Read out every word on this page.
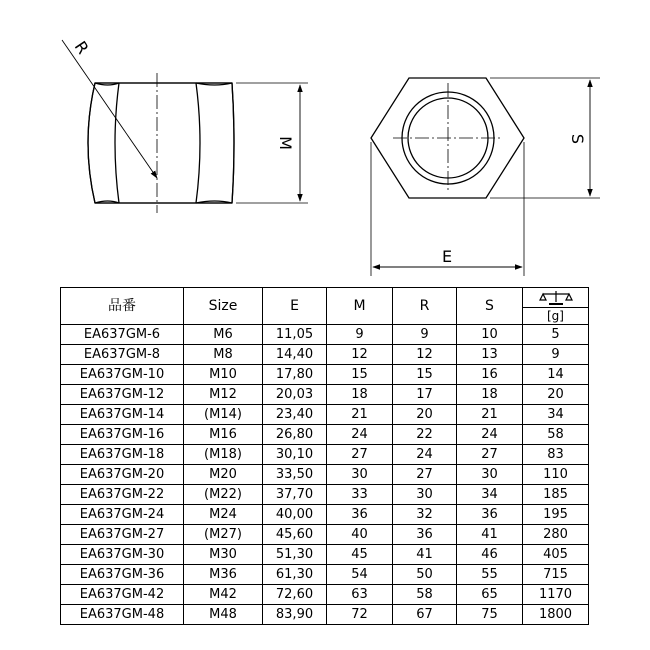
R
M	S
E
品番	Size	E	M	R	S	[g]

EA637GM-6	M6	11,05	9	9	10	5
EA637GM-8	M8	14,40	12	12	13	9
EA637GM-10	M10	17,80	15	15	16	14
EA637GM-12	M12	20,03	18	17	18	20
EA637GM-14	(M14)	23,40	21	20	21	34
EA637GM-16	M16	26,80	24	22	24	58
EA637GM-18	(M18)	30,10	27	24	27	83
EA637GM-20	M20	33,50	30	27	30	110
EA637GM-22	(M22)	37,70	33	30	34	185
EA637GM-24	M24	40,00	36	32	36	195
EA637GM-27	(M27)	45,60	40	36	41	280
EA637GM-30	M30	51,30	45	41	46	405
EA637GM-36	M36	61,30	54	50	55	715
EA637GM-42	M42	72,60	63	58	65	1170
EA637GM-48	M48	83,90	72	67	75	1800
